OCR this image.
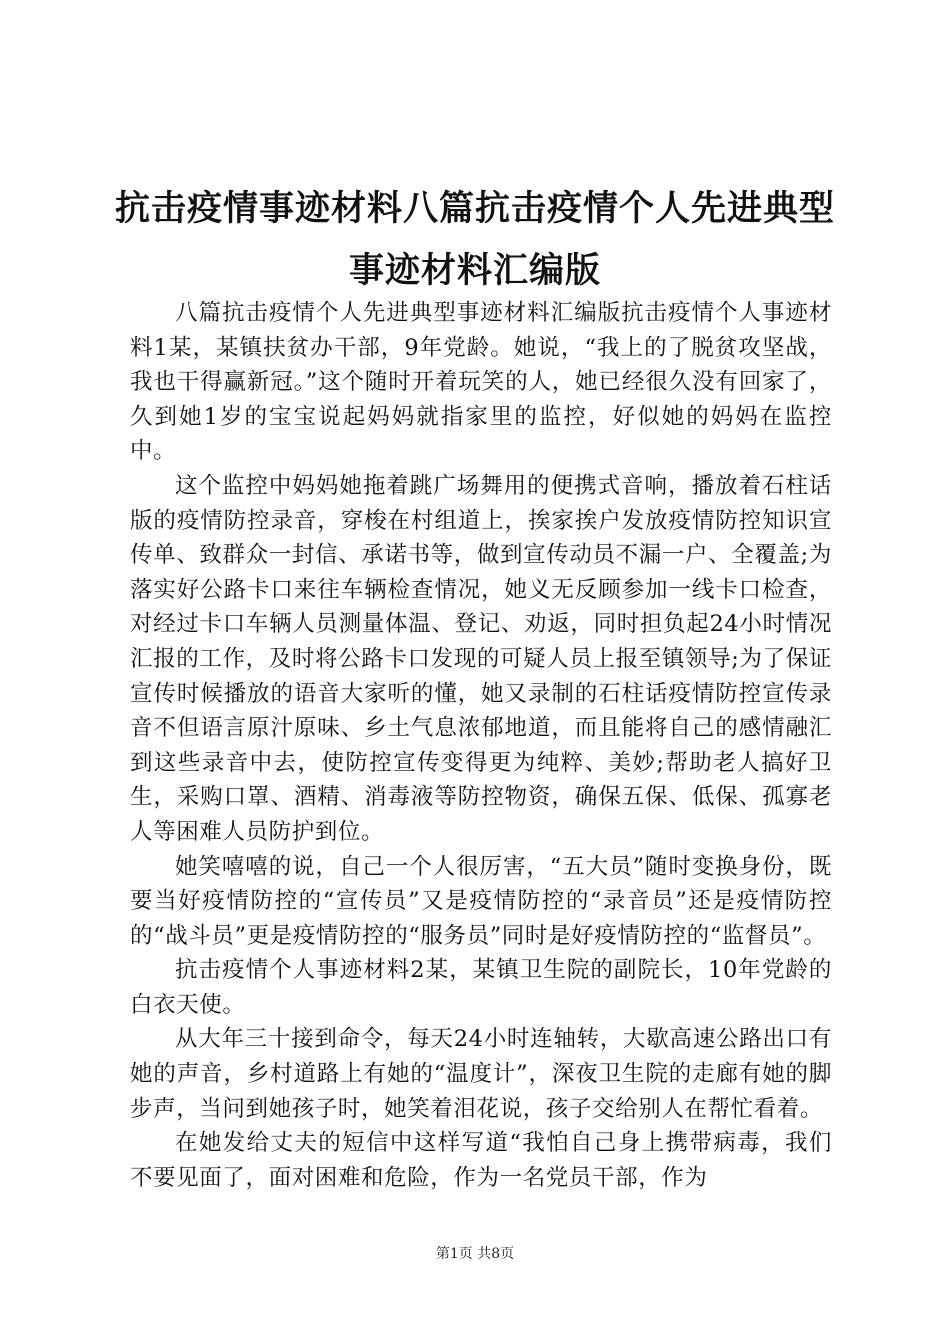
抗击疫情事迹材料八篇抗击疫情个人先进典型事迹材料汇编版

八篇抗击疫情个人先进典型事迹材料汇编版抗击疫情个人事迹材料1某，某镇扶贫办干部，9年党龄。她说，“我上的了脱贫攻坚战，我也干得赢新冠。”这个随时开着玩笑的人，她已经很久没有回家了，久到她1岁的宝宝说起妈妈就指家里的监控，好似她的妈妈在监控中。

这个监控中妈妈她拖着跳广场舞用的便携式音响，播放着石柱话版的疫情防控录音，穿梭在村组道上，挨家挨户发放疫情防控知识宣传单、致群众一封信、承诺书等，做到宣传动员不漏一户、全覆盖;为落实好公路卡口来往车辆检查情况，她义无反顾参加一线卡口检查，对经过卡口车辆人员测量体温、登记、劝返，同时担负起24小时情况汇报的工作，及时将公路卡口发现的可疑人员上报至镇领导;为了保证宣传时候播放的语音大家听的懂，她又录制的石柱话疫情防控宣传录音不但语言原汁原味、乡土气息浓郁地道，而且能将自己的感情融汇到这些录音中去，使防控宣传变得更为纯粹、美妙;帮助老人搞好卫生，采购口罩、酒精、消毒液等防控物资，确保五保、低保、孤寡老人等困难人员防护到位。

她笑嘻嘻的说，自己一个人很厉害，“五大员”随时变换身份，既要当好疫情防控的“宣传员”又是疫情防控的“录音员”还是疫情防控的“战斗员”更是疫情防控的“服务员”同时是好疫情防控的“监督员”。

抗击疫情个人事迹材料2某，某镇卫生院的副院长，10年党龄的白衣天使。

从大年三十接到命令，每天24小时连轴转，大歇高速公路出口有她的声音，乡村道路上有她的“温度计”，深夜卫生院的走廊有她的脚步声，当问到她孩子时，她笑着泪花说，孩子交给别人在帮忙看着。

在她发给丈夫的短信中这样写道“我怕自己身上携带病毒，我们不要见面了，面对困难和危险，作为一名党员干部，作为

第1页 共8页
